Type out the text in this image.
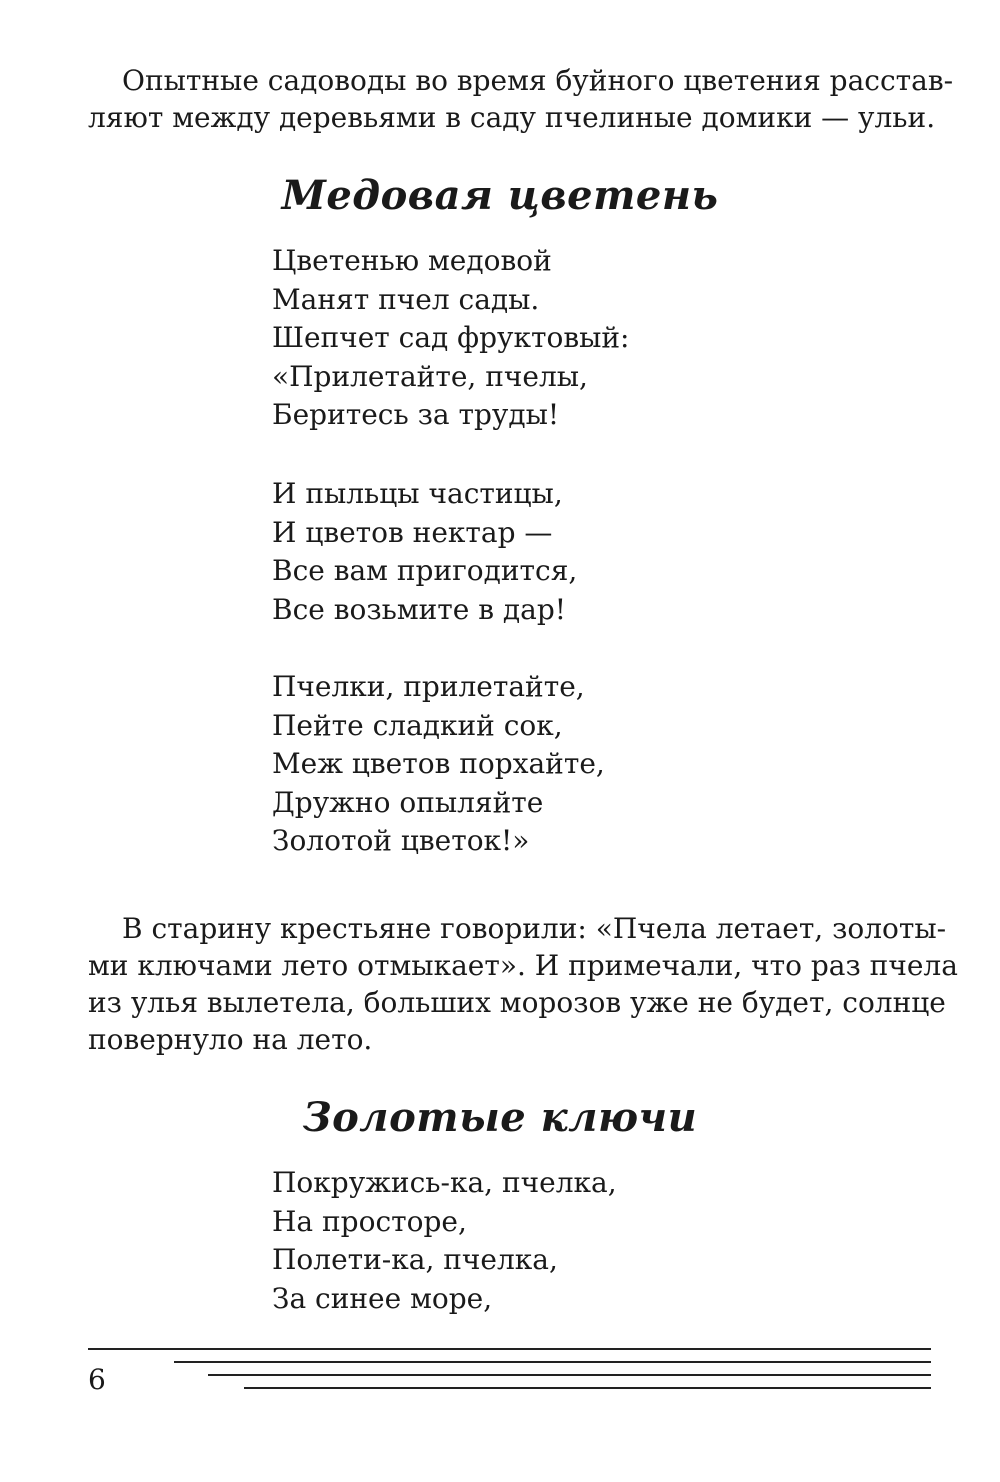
Опытные садоводы во время буйного цветения расстав-
ляют между деревьями в саду пчелиные домики — ульи.

Медовая цветень
Цветенью медовой
Манят пчел сады.
Шепчет сад фруктовый:
«Прилетайте, пчелы,
Беритесь за труды!
И пыльцы частицы,
И цветов нектар —
Все вам пригодится,
Все возьмите в дар!
Пчелки, прилетайте,
Пейте сладкий сок,
Меж цветов порхайте,
Дружно опыляйте
Золотой цветок!»

В старину крестьяне говорили: «Пчела летает, золоты-
ми ключами лето отмыкает». И примечали, что раз пчела
из улья вылетела, больших морозов уже не будет, солнце
повернуло на лето.

Золотые ключи
Покружись-ка, пчелка,
На просторе,
Полети-ка, пчелка,
За синее море,

6
